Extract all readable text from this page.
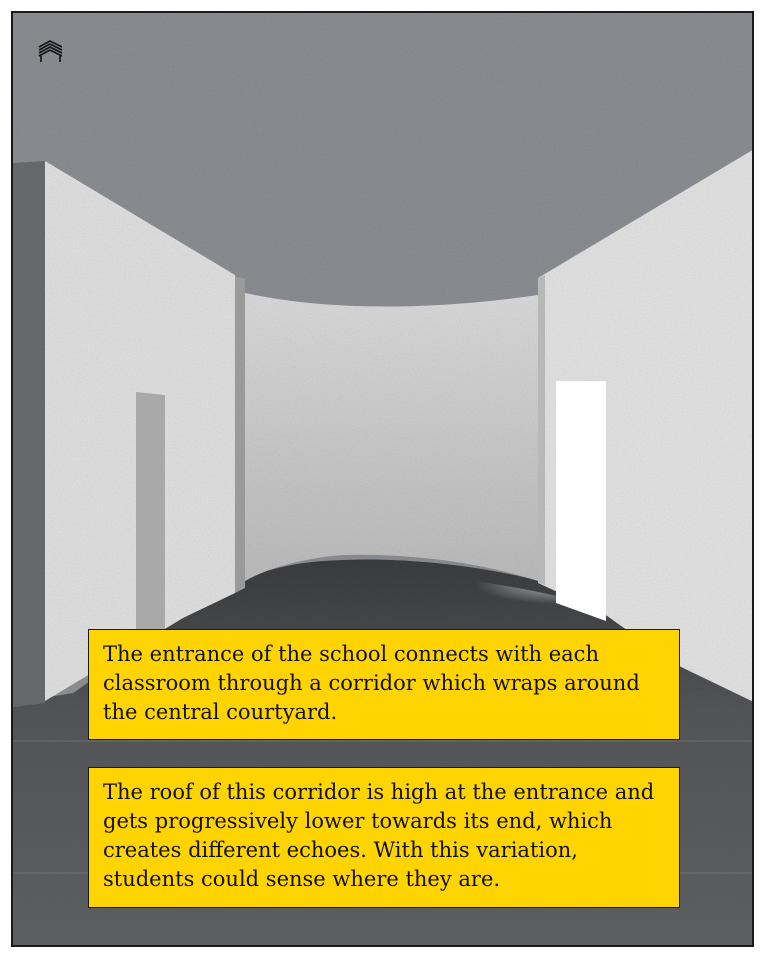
The entrance of the school connects with each classroom through a corridor which wraps around the central courtyard.
The roof of this corridor is high at the entrance and gets progressively lower towards its end, which creates different echoes. With this variation, students could sense where they are.
